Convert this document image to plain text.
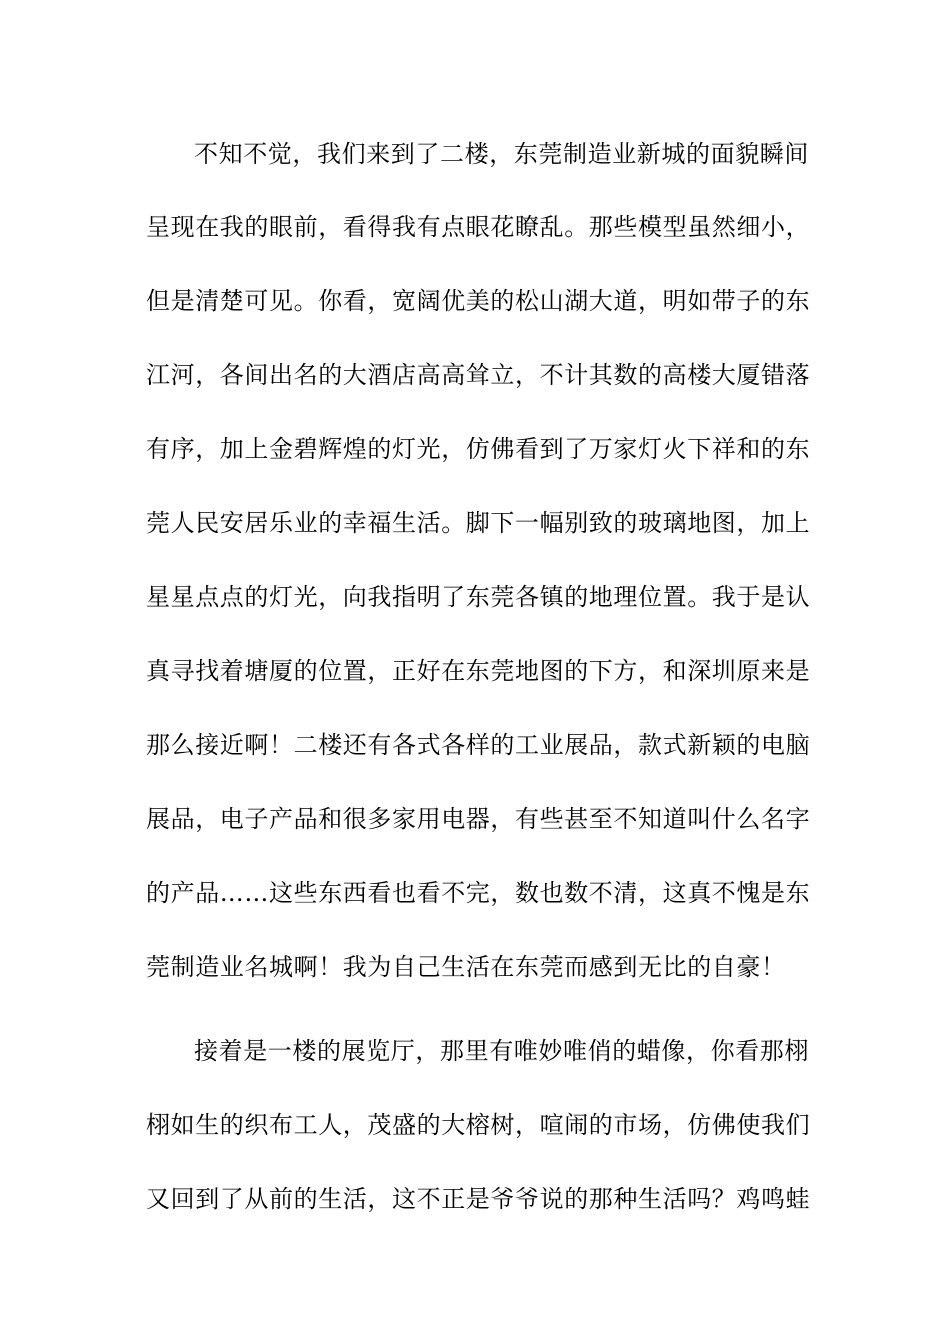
不知不觉，我们来到了二楼，东莞制造业新城的面貌瞬间
呈现在我的眼前，看得我有点眼花瞭乱。那些模型虽然细小，
但是清楚可见。你看，宽阔优美的松山湖大道，明如带子的东
江河，各间出名的大酒店高高耸立，不计其数的高楼大厦错落
有序，加上金碧辉煌的灯光，仿佛看到了万家灯火下祥和的东
莞人民安居乐业的幸福生活。脚下一幅别致的玻璃地图，加上
星星点点的灯光，向我指明了东莞各镇的地理位置。我于是认
真寻找着塘厦的位置，正好在东莞地图的下方，和深圳原来是
那么接近啊！二楼还有各式各样的工业展品，款式新颖的电脑
展品，电子产品和很多家用电器，有些甚至不知道叫什么名字
的产品……这些东西看也看不完，数也数不清，这真不愧是东
莞制造业名城啊！我为自己生活在东莞而感到无比的自豪！
接着是一楼的展览厅，那里有唯妙唯俏的蜡像，你看那栩
栩如生的织布工人，茂盛的大榕树，喧闹的市场，仿佛使我们
又回到了从前的生活，这不正是爷爷说的那种生活吗？鸡鸣蛙
